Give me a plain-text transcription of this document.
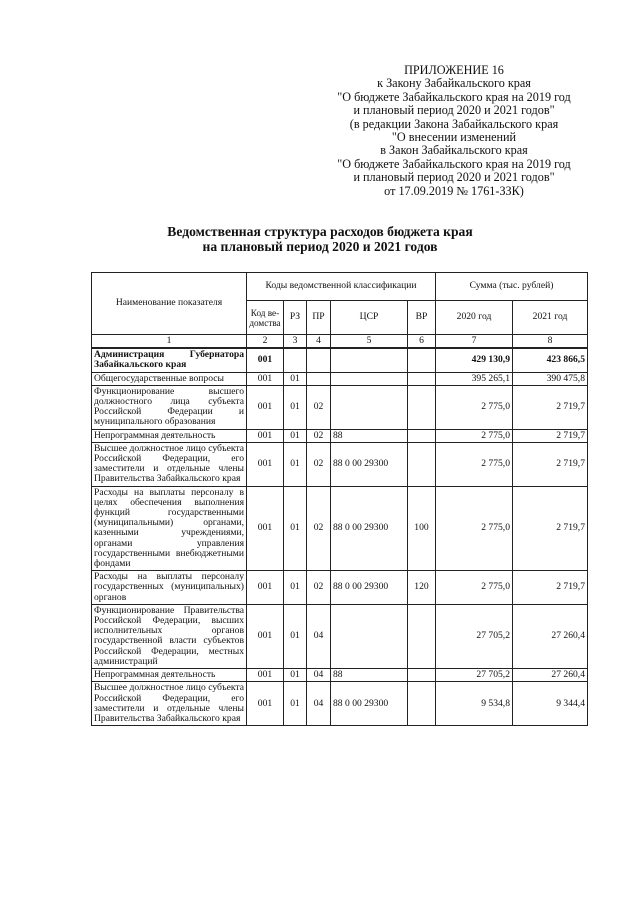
ПРИЛОЖЕНИЕ 16
к Закону Забайкальского края
"О бюджете Забайкальского края на 2019 год
и плановый период 2020 и 2021 годов"
(в редакции Закона Забайкальского края
"О внесении изменений
в Закон Забайкальского края
"О бюджете Забайкальского края на 2019 год
и плановый период 2020 и 2021 годов"
от 17.09.2019 № 1761-ЗЗК)
Ведомственная структура расходов бюджета края
на плановый период 2020 и 2021 годов
Наименование показателя	Коды ведомственной классификации					Сумма (тыс. рублей)	
	Код ве-домства	РЗ	ПР	ЦСР	ВР	2020 год	2021 год
1	2	3	4	5	6	7	8
Администрация Губернатора Забайкальского края	001					429 130,9	423 866,5
Общегосударственные вопросы	001	01				395 265,1	390 475,8
Функционирование высшего должностного лица субъекта Российской Федерации и муниципального образования	001	01	02			2 775,0	2 719,7
Непрограммная деятельность	001	01	02	88		2 775,0	2 719,7
Высшее должностное лицо субъекта Российской Федерации, его заместители и отдельные члены Правительства Забайкальского края	001	01	02	88 0 00 29300		2 775,0	2 719,7
Расходы на выплаты персоналу в целях обеспечения выполнения функций государственными (муниципальными) органами, казенными учреждениями, органами управления государственными внебюджетными фондами	001	01	02	88 0 00 29300	100	2 775,0	2 719,7
Расходы на выплаты персоналу государственных (муниципальных) органов	001	01	02	88 0 00 29300	120	2 775,0	2 719,7
Функционирование Правительства Российской Федерации, высших исполнительных органов государственной власти субъектов Российской Федерации, местных администраций	001	01	04			27 705,2	27 260,4
Непрограммная деятельность	001	01	04	88		27 705,2	27 260,4
Высшее должностное лицо субъекта Российской Федерации, его заместители и отдельные члены Правительства Забайкальского края	001	01	04	88 0 00 29300		9 534,8	9 344,4
